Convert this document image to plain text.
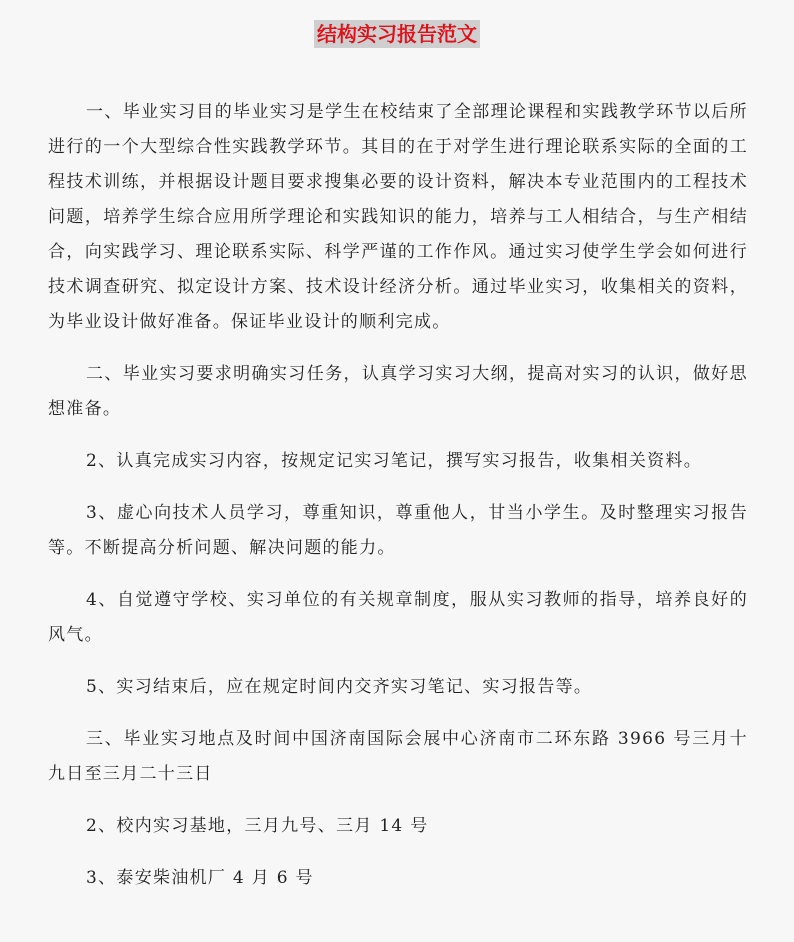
结构实习报告范文

一、毕业实习目的毕业实习是学生在校结束了全部理论课程和实践教学环节以后所进行的一个大型综合性实践教学环节。其目的在于对学生进行理论联系实际的全面的工程技术训练，并根据设计题目要求搜集必要的设计资料，解决本专业范围内的工程技术问题，培养学生综合应用所学理论和实践知识的能力，培养与工人相结合，与生产相结合，向实践学习、理论联系实际、科学严谨的工作作风。通过实习使学生学会如何进行技术调查研究、拟定设计方案、技术设计经济分析。通过毕业实习，收集相关的资料，为毕业设计做好准备。保证毕业设计的顺利完成。

二、毕业实习要求明确实习任务，认真学习实习大纲，提高对实习的认识，做好思想准备。

2、认真完成实习内容，按规定记实习笔记，撰写实习报告，收集相关资料。

3、虚心向技术人员学习，尊重知识，尊重他人，甘当小学生。及时整理实习报告等。不断提高分析问题、解决问题的能力。

4、自觉遵守学校、实习单位的有关规章制度，服从实习教师的指导，培养良好的风气。

5、实习结束后，应在规定时间内交齐实习笔记、实习报告等。

三、毕业实习地点及时间中国济南国际会展中心济南市二环东路 3966 号三月十九日至三月二十三日

2、校内实习基地，三月九号、三月 14 号

3、泰安柴油机厂 4 月 6 号
